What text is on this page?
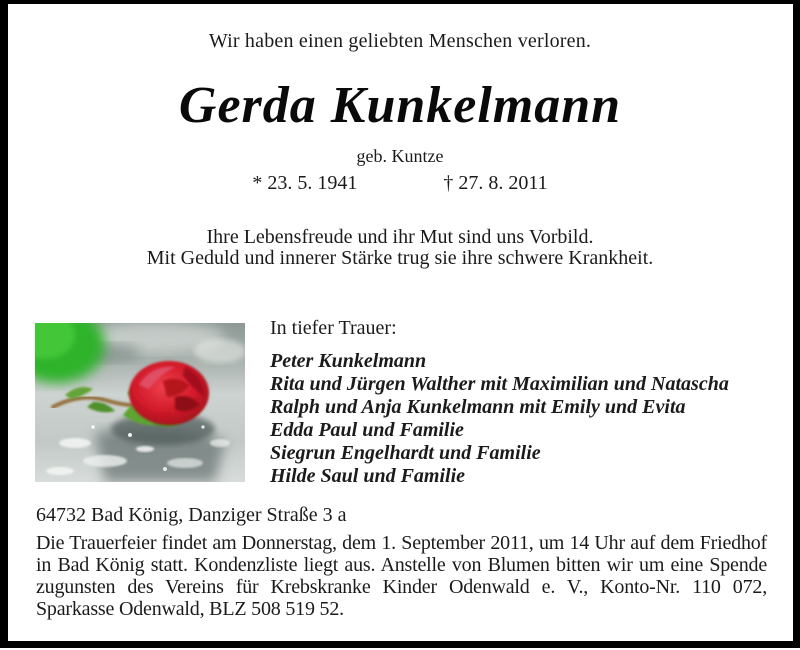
Wir haben einen geliebten Menschen verloren.
Gerda Kunkelmann
geb. Kuntze
* 23. 5. 1941	† 27. 8. 2011
Ihre Lebensfreude und ihr Mut sind uns Vorbild.
Mit Geduld und innerer Stärke trug sie ihre schwere Krankheit.
In tiefer Trauer:
Peter Kunkelmann
Rita und Jürgen Walther mit Maximilian und Natascha
Ralph und Anja Kunkelmann mit Emily und Evita
Edda Paul und Familie
Siegrun Engelhardt und Familie
Hilde Saul und Familie
64732 Bad König, Danziger Straße 3 a
Die Trauerfeier findet am Donnerstag, dem 1. September 2011, um 14 Uhr auf dem Friedhof in Bad König statt. Kondenzliste liegt aus. Anstelle von Blumen bitten wir um eine Spende zugunsten des Vereins für Krebskranke Kinder Odenwald e. V., Konto-Nr. 110 072, Sparkasse Odenwald, BLZ 508 519 52.
